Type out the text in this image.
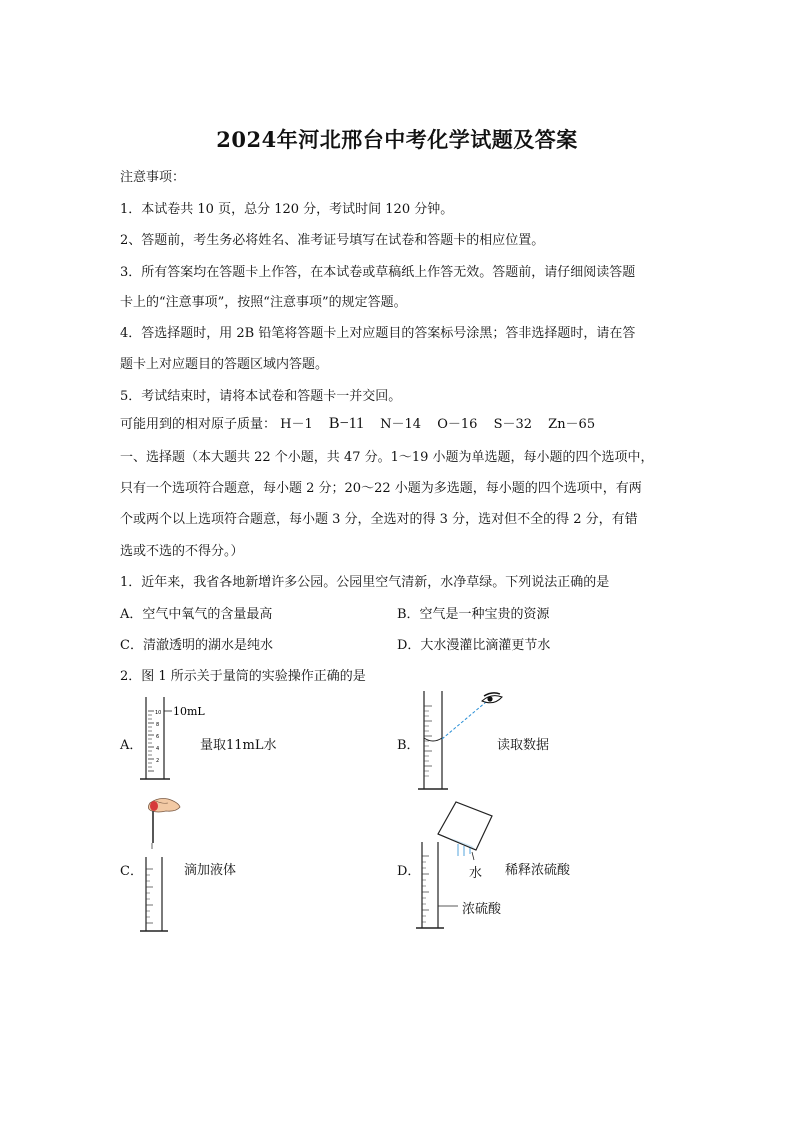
2024年河北邢台中考化学试题及答案
注意事项：
1．本试卷共 10 页，总分 120 分，考试时间 120 分钟。
2、答题前，考生务必将姓名、准考证号填写在试卷和答题卡的相应位置。
3．所有答案均在答题卡上作答，在本试卷或草稿纸上作答无效。答题前，请仔细阅读答题
卡上的“注意事项”，按照“注意事项”的规定答题。
4．答选择题时，用 2B 铅笔将答题卡上对应题目的答案标号涂黑；答非选择题时，请在答
题卡上对应题目的答题区域内答题。
5．考试结束时，请将本试卷和答题卡一并交回。
可能用到的相对原子质量： H－1 B−11 N－14 O－16 S－32 Zn－65
一、选择题（本大题共 22 个小题，共 47 分。1～19 小题为单选题，每小题的四个选项中，
只有一个选项符合题意，每小题 2 分；20～22 小题为多选题，每小题的四个选项中，有两
个或两个以上选项符合题意，每小题 3 分，全选对的得 3 分，选对但不全的得 2 分，有错
选或不选的不得分。）
1．近年来，我省各地新增许多公园。公园里空气清新，水净草绿。下列说法正确的是
A．空气中氧气的含量最高	B．空气是一种宝贵的资源
C．清澈透明的湖水是纯水	D．大水漫灌比滴灌更节水
2．图 1 所示关于量筒的实验操作正确的是
A．
10mL
10
8
6
4
2
量取11mL水	B．	读取数据
C．	滴加液体	D．	水 稀释浓硫酸
浓硫酸
